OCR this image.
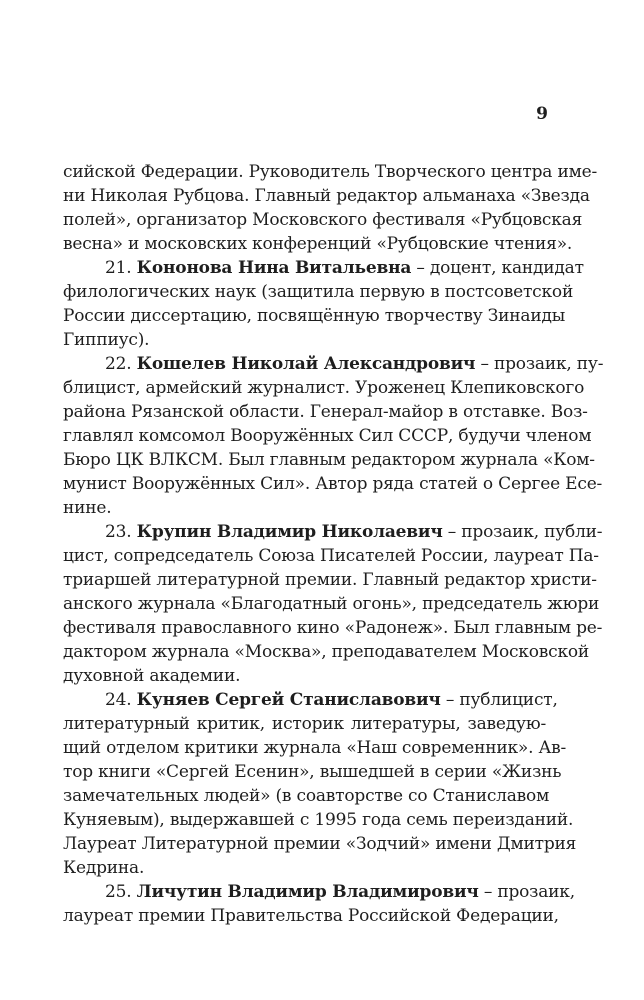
9
сийской Федерации. Руководитель Творческого центра име-
ни Николая Рубцова. Главный редактор альманаха «Звезда
полей», организатор Московского фестиваля «Рубцовская
весна» и московских конференций «Рубцовские чтения».
21. Кононова Нина Витальевна – доцент, кандидат
филологических наук (защитила первую в постсоветской
России диссертацию, посвящённую творчеству Зинаиды
Гиппиус).
22. Кошелев Николай Александрович – прозаик, пу-
блицист, армейский журналист. Уроженец Клепиковского
района Рязанской области. Генерал-майор в отставке. Воз-
главлял комсомол Вооружённых Сил СССР, будучи членом
Бюро ЦК ВЛКСМ. Был главным редактором журнала «Ком-
мунист Вооружённых Сил». Автор ряда статей о Сергее Есе-
нине.
23. Крупин Владимир Николаевич – прозаик, публи-
цист, сопредседатель Союза Писателей России, лауреат Па-
триаршей литературной премии. Главный редактор христи-
анского журнала «Благодатный огонь», председатель жюри
фестиваля православного кино «Радонеж». Был главным ре-
дактором журнала «Москва», преподавателем Московской
духовной академии.
24. Куняев Сергей Станиславович – публицист,
литературный критик, историк литературы, заведую-
щий отделом критики журнала «Наш современник». Ав-
тор книги «Сергей Есенин», вышедшей в серии «Жизнь
замечательных людей» (в соавторстве со Станиславом
Куняевым), выдержавшей с 1995 года семь переизданий.
Лауреат Литературной премии «Зодчий» имени Дмитрия
Кедрина.
25. Личутин Владимир Владимирович – прозаик,
лауреат премии Правительства Российской Федерации,
